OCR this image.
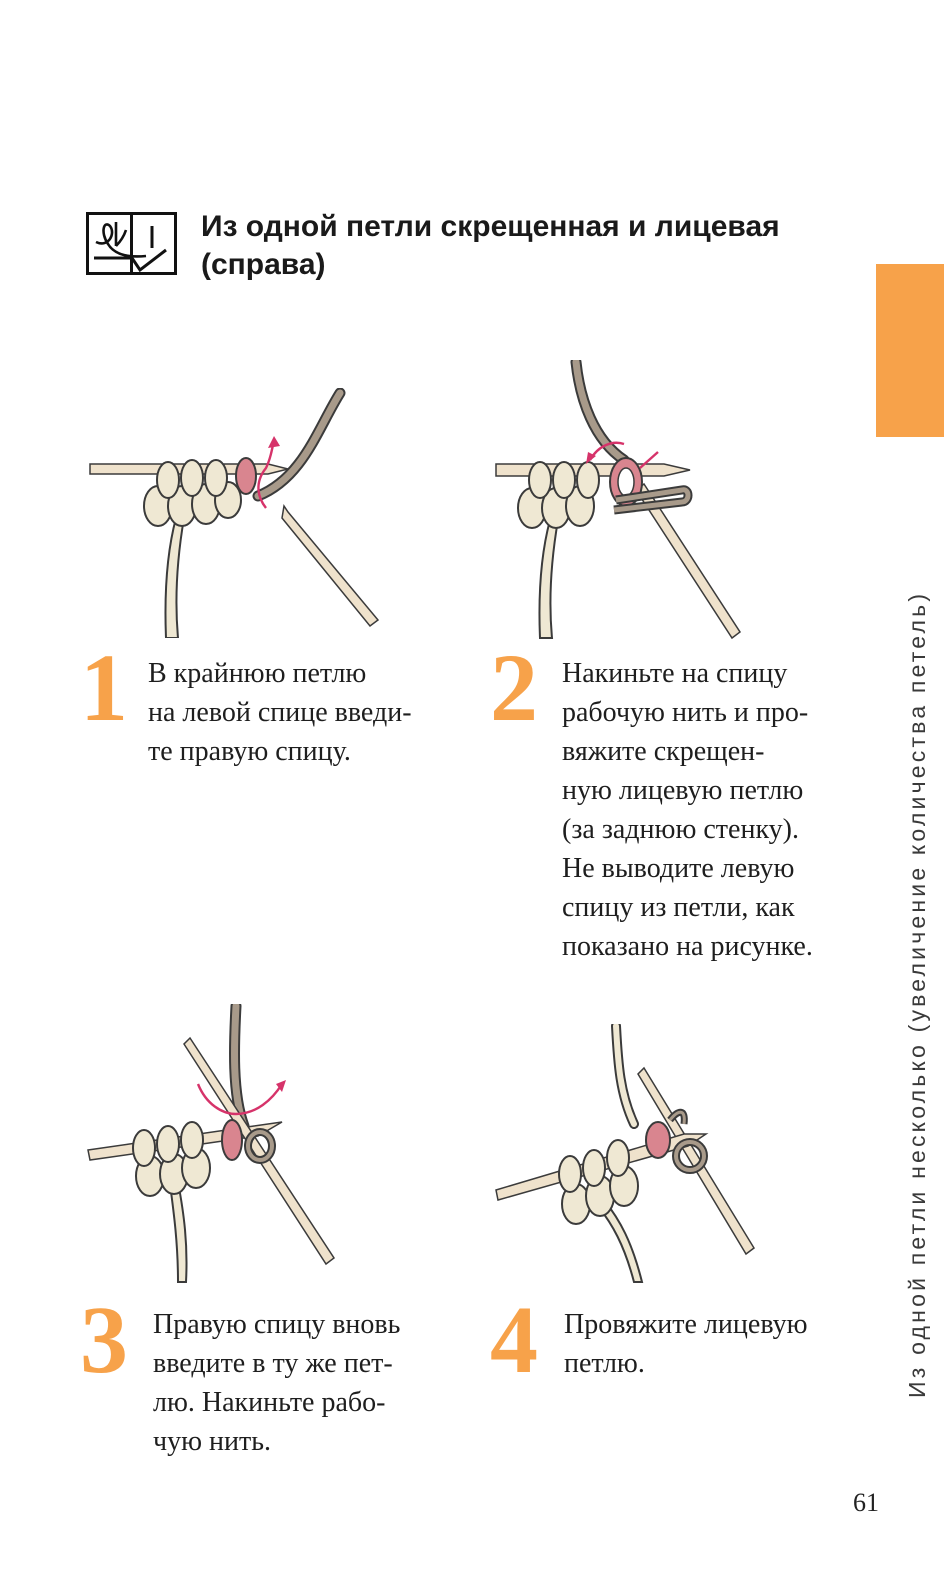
Из одной петли скрещенная и лицевая
(справа)
Из одной петли несколько (увеличение количества петель)
1 В крайнюю петлю
на левой спице введи-
те правую спицу.

2 Накиньте на спицу
рабочую нить и про-
вяжите скрещен-
ную лицевую петлю
(за заднюю стенку).
Не выводите левую
спицу из петли, как
показано на рисунке.

3 Правую спицу вновь
введите в ту же пет-
лю. Накиньте рабо-
чую нить.

4 Провяжите лицевую
петлю.

61
